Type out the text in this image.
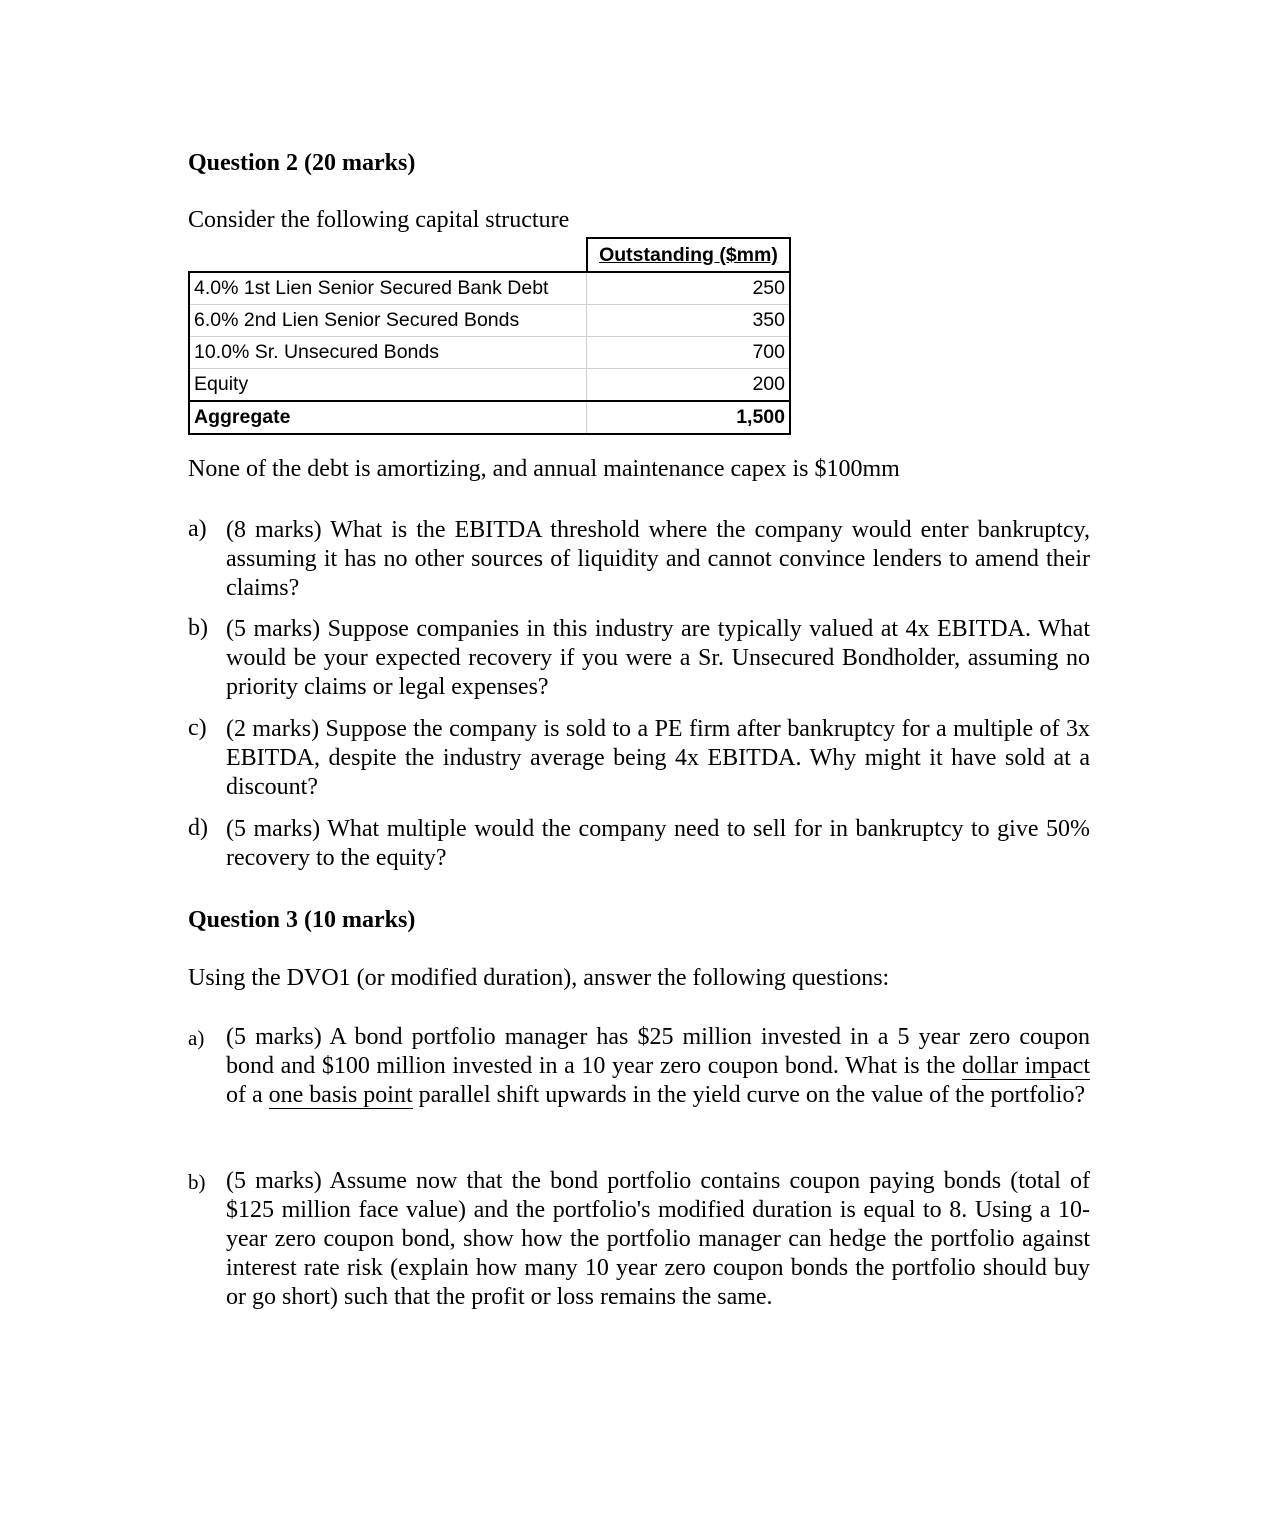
Question 2 (20 marks)
Consider the following capital structure
	Outstanding ($mm)
4.0% 1st Lien Senior Secured Bank Debt	250
6.0% 2nd Lien Senior Secured Bonds	350
10.0% Sr. Unsecured Bonds	700
Equity	200
Aggregate	1,500
None of the debt is amortizing, and annual maintenance capex is $100mm
a) (8 marks) What is the EBITDA threshold where the company would enter bankruptcy, assuming it has no other sources of liquidity and cannot convince lenders to amend their claims?
b) (5 marks) Suppose companies in this industry are typically valued at 4x EBITDA. What would be your expected recovery if you were a Sr. Unsecured Bondholder, assuming no priority claims or legal expenses?
c) (2 marks) Suppose the company is sold to a PE firm after bankruptcy for a multiple of 3x EBITDA, despite the industry average being 4x EBITDA. Why might it have sold at a discount?
d) (5 marks) What multiple would the company need to sell for in bankruptcy to give 50% recovery to the equity?
Question 3 (10 marks)
Using the DVO1 (or modified duration), answer the following questions:
a) (5 marks) A bond portfolio manager has $25 million invested in a 5 year zero coupon bond and $100 million invested in a 10 year zero coupon bond. What is the dollar impact of a one basis point parallel shift upwards in the yield curve on the value of the portfolio?
b) (5 marks) Assume now that the bond portfolio contains coupon paying bonds (total of $125 million face value) and the portfolio's modified duration is equal to 8. Using a 10-year zero coupon bond, show how the portfolio manager can hedge the portfolio against interest rate risk (explain how many 10 year zero coupon bonds the portfolio should buy or go short) such that the profit or loss remains the same.
